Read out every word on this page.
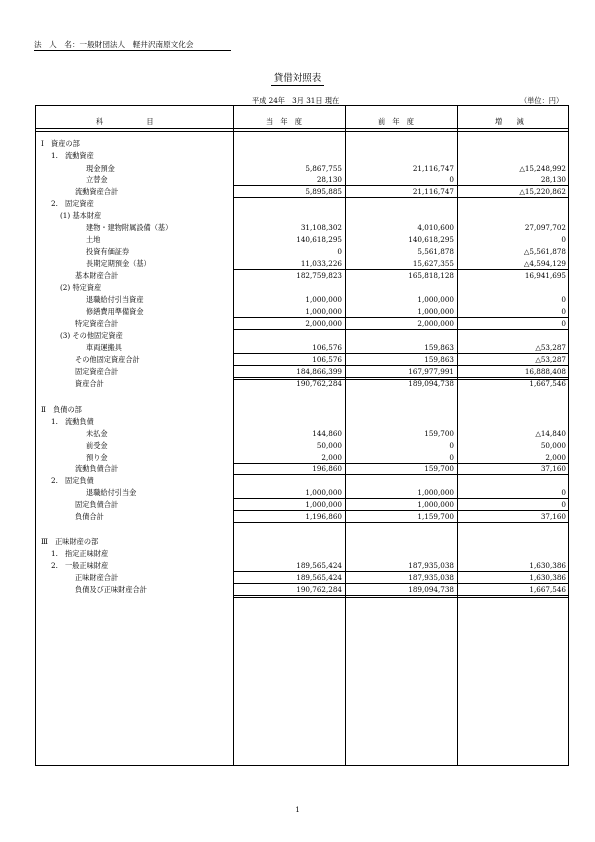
法　人　名：一般財団法人　軽井沢南原文化会
貸借対照表
平成 24年　3月 31日 現在	（単位：円）
科　　　　　　目	当　年　度	前　年　度	増　　減
Ⅰ　資産の部
1.　流動資産
現金預金	5,867,755	21,116,747	△15,248,992
立替金	28,130	0	28,130
流動資産合計	5,895,885	21,116,747	△15,220,862
2.　固定資産
(1) 基本財産
建物・建物附属設備（基）	31,108,302	4,010,600	27,097,702
土地	140,618,295	140,618,295	0
投資有価証券	0	5,561,878	△5,561,878
長期定期預金（基）	11,033,226	15,627,355	△4,594,129
基本財産合計	182,759,823	165,818,128	16,941,695
(2) 特定資産
退職給付引当資産	1,000,000	1,000,000	0
修繕費用準備資金	1,000,000	1,000,000	0
特定資産合計	2,000,000	2,000,000	0
(3) その他固定資産
車両運搬具	106,576	159,863	△53,287
その他固定資産合計	106,576	159,863	△53,287
固定資産合計	184,866,399	167,977,991	16,888,408
資産合計	190,762,284	189,094,738	1,667,546
Ⅱ　負債の部
1.　流動負債
未払金	144,860	159,700	△14,840
前受金	50,000	0	50,000
預り金	2,000	0	2,000
流動負債合計	196,860	159,700	37,160
2.　固定負債
退職給付引当金	1,000,000	1,000,000	0
固定負債合計	1,000,000	1,000,000	0
負債合計	1,196,860	1,159,700	37,160
Ⅲ　正味財産の部
1.　指定正味財産
2.　一般正味財産	189,565,424	187,935,038	1,630,386
正味財産合計	189,565,424	187,935,038	1,630,386
負債及び正味財産合計	190,762,284	189,094,738	1,667,546
1
